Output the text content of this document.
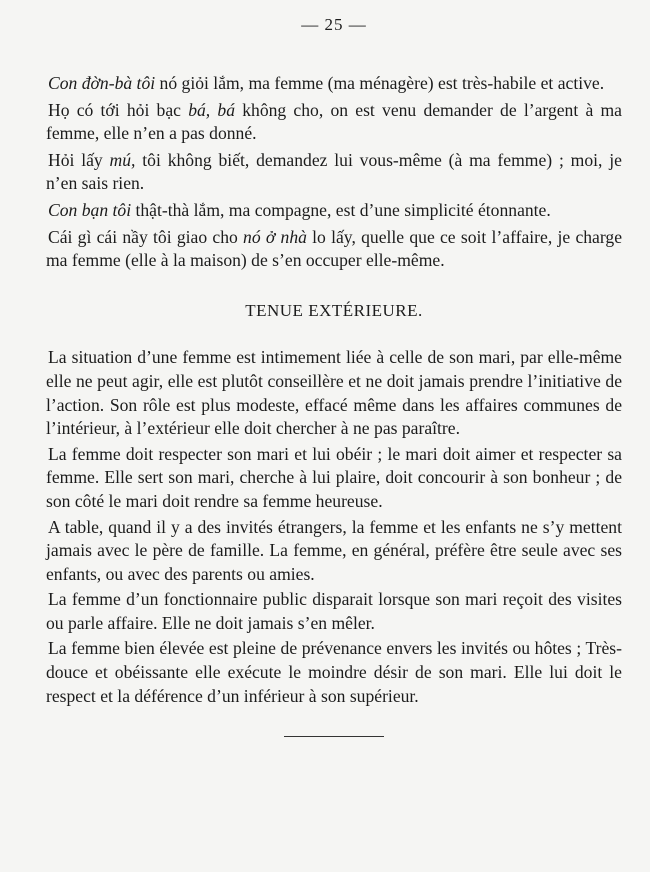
— 25 —

Con đờn-bà tôi nó giỏi lắm, ma femme (ma ménagère) est très-habile et active.

Họ có tới hỏi bạc bá, bá không cho, on est venu demander de l’argent à ma femme, elle n’en a pas donné.

Hỏi lấy mú, tôi không biết, demandez lui vous-même (à ma femme) ; moi, je n’en sais rien.

Con bạn tôi thật-thà lắm, ma compagne, est d’une simplicité étonnante.

Cái gì cái nầy tôi giao cho nó ở nhà lo lấy, quelle que ce soit l’affaire, je charge ma femme (elle à la maison) de s’en occuper elle-même.

TENUE EXTÉRIEURE.

La situation d’une femme est intimement liée à celle de son mari, par elle-même elle ne peut agir, elle est plutôt conseillère et ne doit jamais prendre l’initiative de l’action. Son rôle est plus modeste, effacé même dans les affaires communes de l’intérieur, à l’extérieur elle doit chercher à ne pas paraître.

La femme doit respecter son mari et lui obéir ; le mari doit aimer et respecter sa femme. Elle sert son mari, cherche à lui plaire, doit concourir à son bonheur ; de son côté le mari doit rendre sa femme heureuse.

A table, quand il y a des invités étrangers, la femme et les enfants ne s’y mettent jamais avec le père de famille. La femme, en général, préfère être seule avec ses enfants, ou avec des parents ou amies.

La femme d’un fonctionnaire public disparait lorsque son mari reçoit des visites ou parle affaire. Elle ne doit jamais s’en mêler.

La femme bien élevée est pleine de prévenance envers les invités ou hôtes ; Très-douce et obéissante elle exécute le moindre désir de son mari. Elle lui doit le respect et la déférence d’un inférieur à son supérieur.
